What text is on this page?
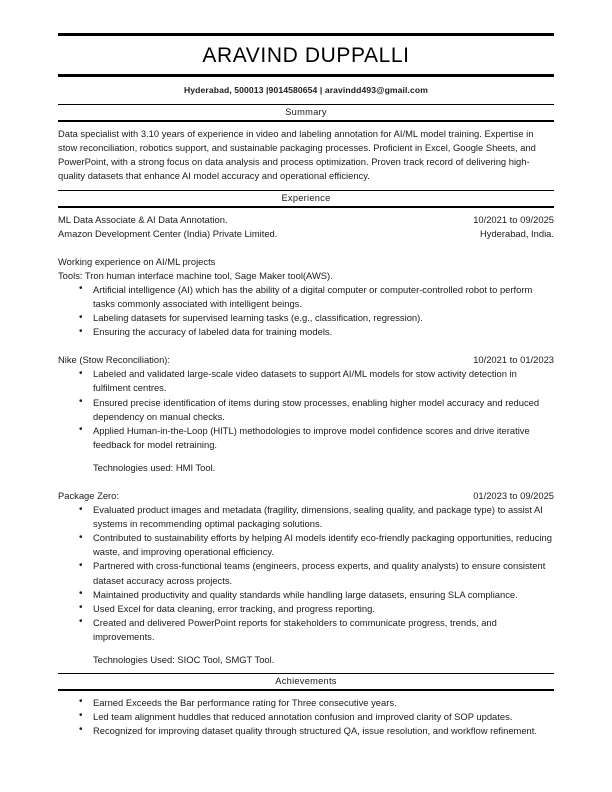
ARAVIND DUPPALLI
Hyderabad, 500013 |9014580654 | aravindd493@gmail.com
Summary

Data specialist with 3.10 years of experience in video and labeling annotation for AI/ML model training. Expertise in stow reconciliation, robotics support, and sustainable packaging processes. Proficient in Excel, Google Sheets, and PowerPoint, with a strong focus on data analysis and process optimization. Proven track record of delivering high-quality datasets that enhance AI model accuracy and operational efficiency.

Experience
ML Data Associate & AI Data Annotation.	10/2021 to 09/2025
Amazon Development Center (India) Private Limited.	Hyderabad, India.

Working experience on AI/ML projects

Tools: Tron human interface machine tool, Sage Maker tool(AWS).

• Artificial intelligence (AI) which has the ability of a digital computer or computer-controlled robot to perform tasks commonly associated with intelligent beings.
• Labeling datasets for supervised learning tasks (e.g., classification, regression).
• Ensuring the accuracy of labeled data for training models.
Nike (Stow Reconciliation):	10/2021 to 01/2023
• Labeled and validated large-scale video datasets to support AI/ML models for stow activity detection in fulfilment centres.
• Ensured precise identification of items during stow processes, enabling higher model accuracy and reduced dependency on manual checks.
• Applied Human-in-the-Loop (HITL) methodologies to improve model confidence scores and drive iterative feedback for model retraining.

Technologies used: HMI Tool.

Package Zero:	01/2023 to 09/2025
• Evaluated product images and metadata (fragility, dimensions, sealing quality, and package type) to assist AI systems in recommending optimal packaging solutions.
• Contributed to sustainability efforts by helping AI models identify eco-friendly packaging opportunities, reducing waste, and improving operational efficiency.
• Partnered with cross-functional teams (engineers, process experts, and quality analysts) to ensure consistent dataset accuracy across projects.
• Maintained productivity and quality standards while handling large datasets, ensuring SLA compliance.
• Used Excel for data cleaning, error tracking, and progress reporting.
• Created and delivered PowerPoint reports for stakeholders to communicate progress, trends, and improvements.

Technologies Used: SIOC Tool, SMGT Tool.

Achievements
• Earned Exceeds the Bar performance rating for Three consecutive years.
• Led team alignment huddles that reduced annotation confusion and improved clarity of SOP updates.
• Recognized for improving dataset quality through structured QA, issue resolution, and workflow refinement.
